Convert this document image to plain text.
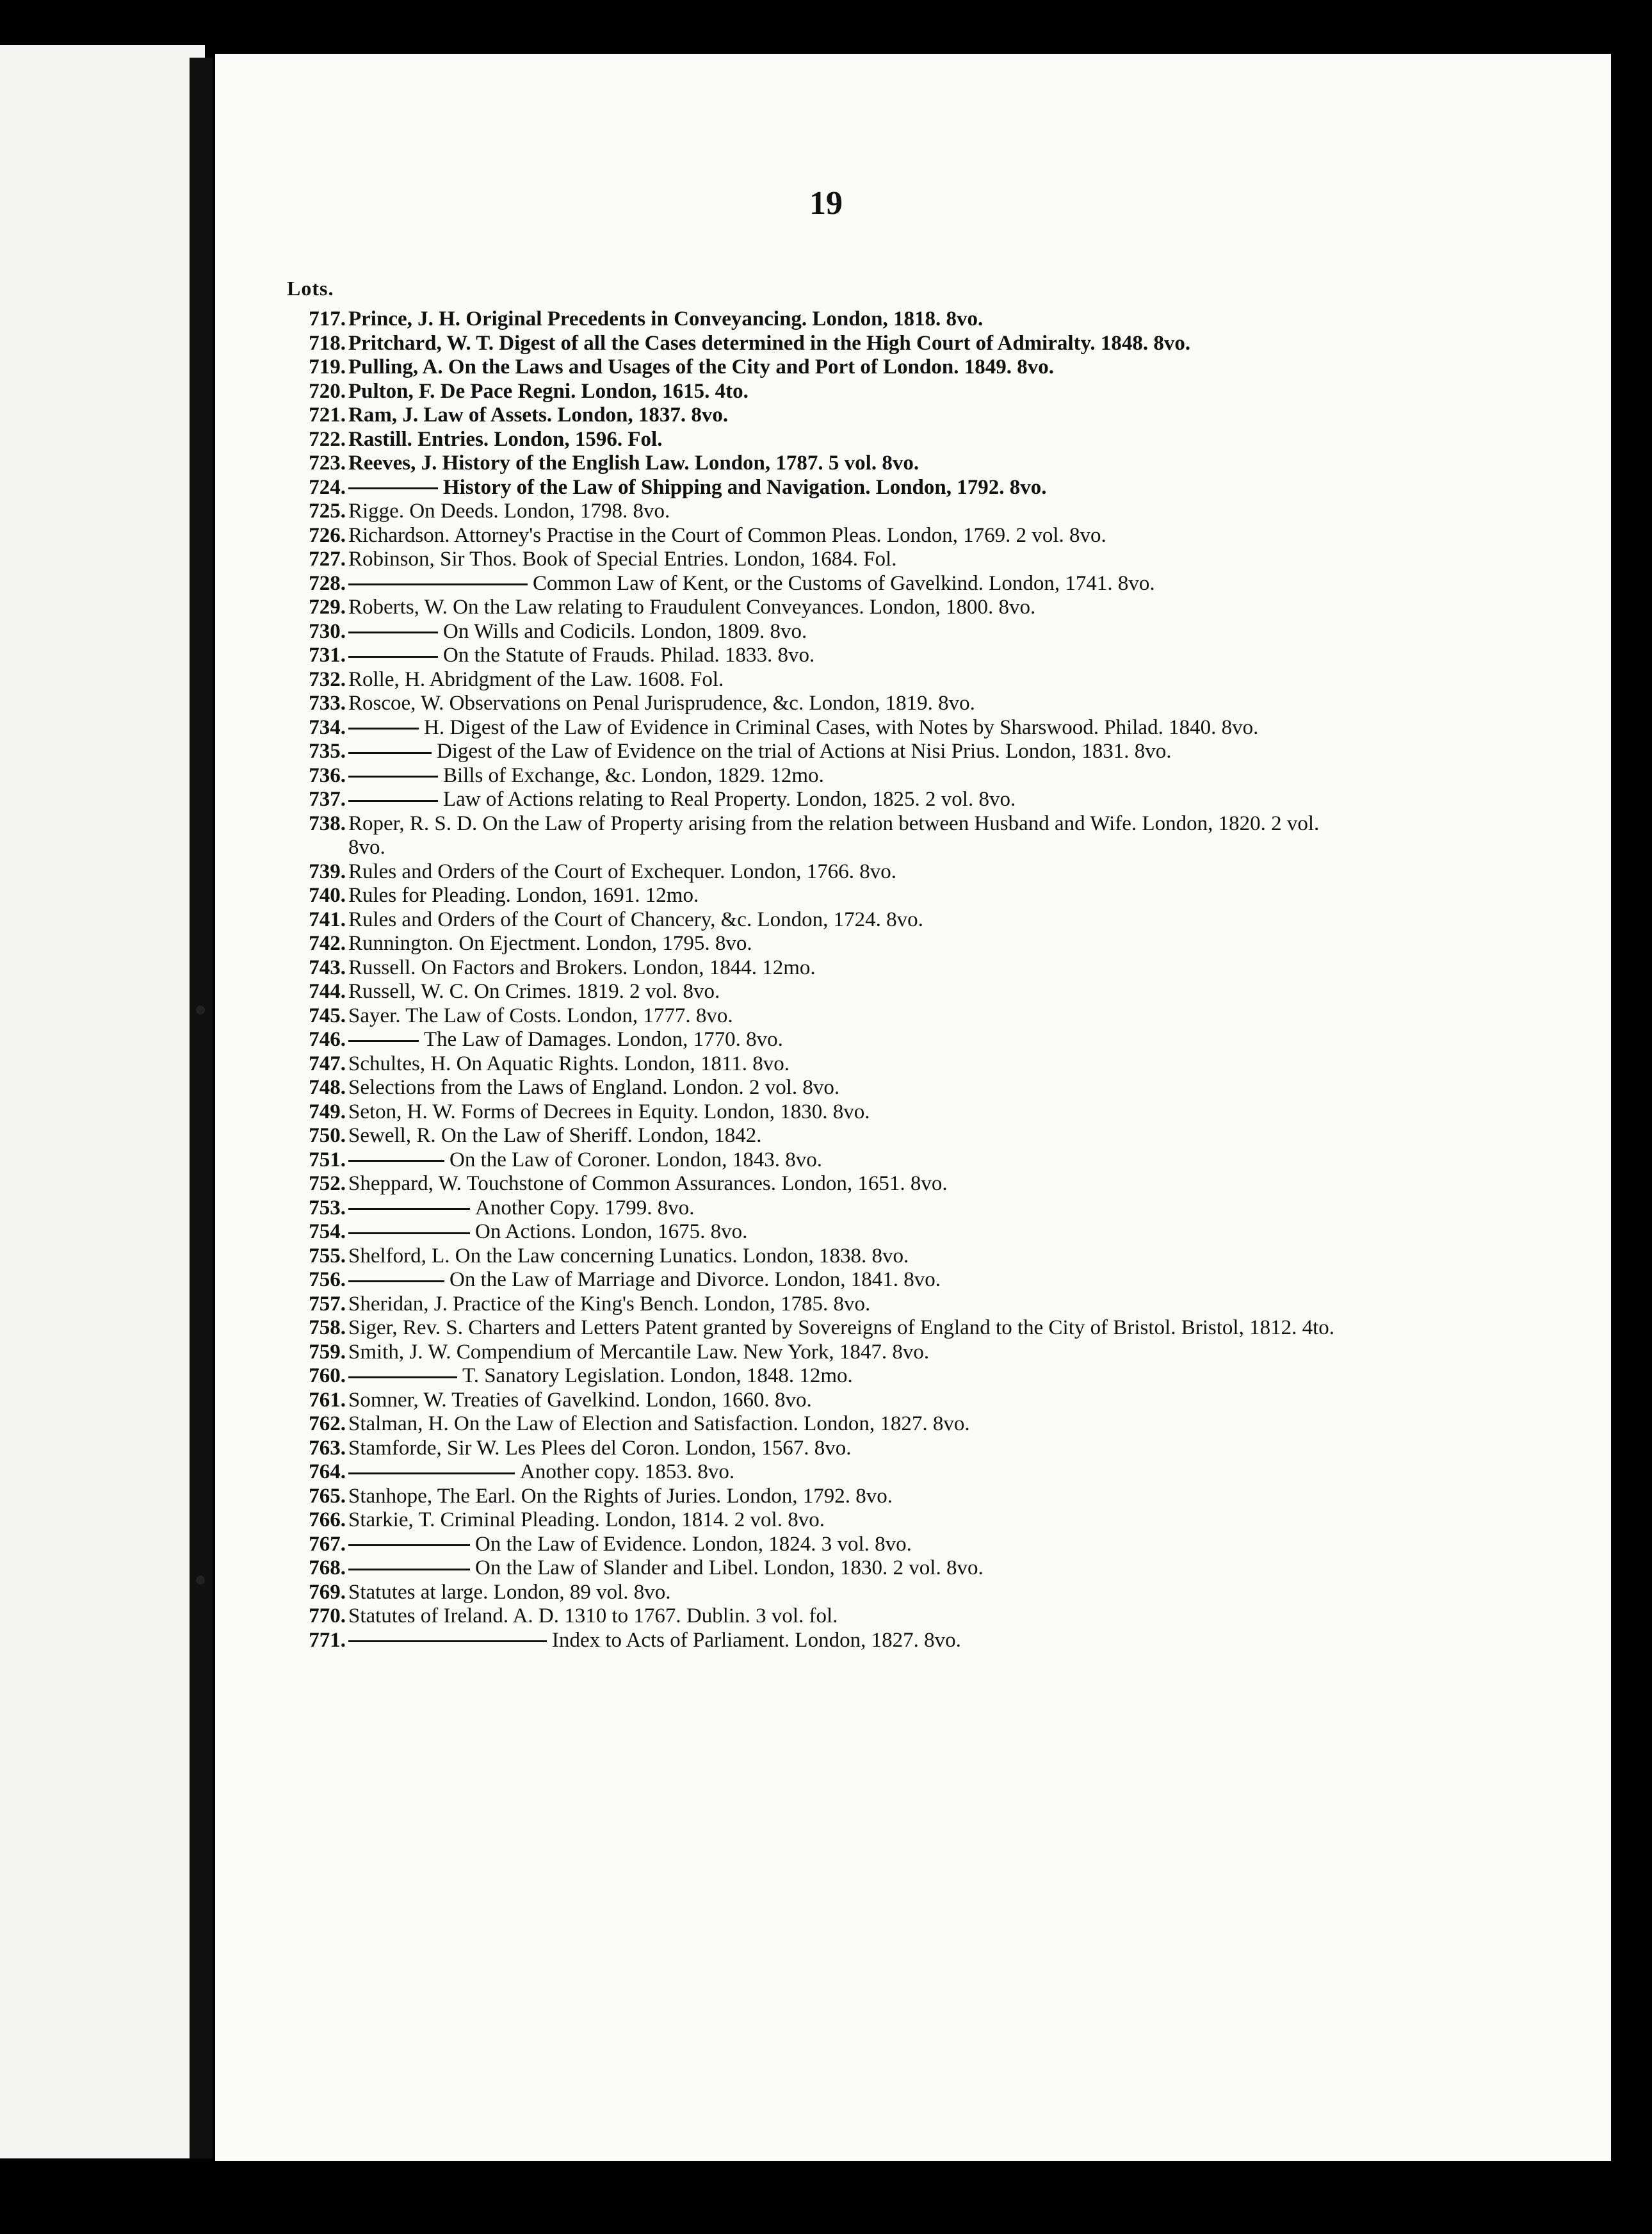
19
Lots.
717. Prince, J. H. Original Precedents in Conveyancing. London, 1818. 8vo.
718. Pritchard, W. T. Digest of all the Cases determined in the High Court of Admiralty. 1848. 8vo.
719. Pulling, A. On the Laws and Usages of the City and Port of London. 1849. 8vo.
720. Pulton, F. De Pace Regni. London, 1615. 4to.
721. Ram, J. Law of Assets. London, 1837. 8vo.
722. Rastill. Entries. London, 1596. Fol.
723. Reeves, J. History of the English Law. London, 1787. 5 vol. 8vo.
724.	History of the Law of Shipping and Navigation. London, 1792. 8vo.
725. Rigge. On Deeds. London, 1798. 8vo.
726. Richardson. Attorney's Practise in the Court of Common Pleas. London, 1769. 2 vol. 8vo.
727. Robinson, Sir Thos. Book of Special Entries. London, 1684. Fol.
728.	Common Law of Kent, or the Customs of Gavelkind. London, 1741. 8vo.
729. Roberts, W. On the Law relating to Fraudulent Conveyances. London, 1800. 8vo.
730.	On Wills and Codicils. London, 1809. 8vo.
731.	On the Statute of Frauds. Philad. 1833. 8vo.
732. Rolle, H. Abridgment of the Law. 1608. Fol.
733. Roscoe, W. Observations on Penal Jurisprudence, &c. London, 1819. 8vo.
734.	H. Digest of the Law of Evidence in Criminal Cases, with Notes by Sharswood. Philad. 1840. 8vo.
735.	Digest of the Law of Evidence on the trial of Actions at Nisi Prius. London, 1831. 8vo.
736.	Bills of Exchange, &c. London, 1829. 12mo.
737.	Law of Actions relating to Real Property. London, 1825. 2 vol. 8vo.
738. Roper, R. S. D. On the Law of Property arising from the relation between Husband and Wife. London, 1820. 2 vol. 8vo.
739. Rules and Orders of the Court of Exchequer. London, 1766. 8vo.
740. Rules for Pleading. London, 1691. 12mo.
741. Rules and Orders of the Court of Chancery, &c. London, 1724. 8vo.
742. Runnington. On Ejectment. London, 1795. 8vo.
743. Russell. On Factors and Brokers. London, 1844. 12mo.
744. Russell, W. C. On Crimes. 1819. 2 vol. 8vo.
745. Sayer. The Law of Costs. London, 1777. 8vo.
746.	The Law of Damages. London, 1770. 8vo.
747. Schultes, H. On Aquatic Rights. London, 1811. 8vo.
748. Selections from the Laws of England. London. 2 vol. 8vo.
749. Seton, H. W. Forms of Decrees in Equity. London, 1830. 8vo.
750. Sewell, R. On the Law of Sheriff. London, 1842.
751.	On the Law of Coroner. London, 1843. 8vo.
752. Sheppard, W. Touchstone of Common Assurances. London, 1651. 8vo.
753.	Another Copy. 1799. 8vo.
754.	On Actions. London, 1675. 8vo.
755. Shelford, L. On the Law concerning Lunatics. London, 1838. 8vo.
756.	On the Law of Marriage and Divorce. London, 1841. 8vo.
757. Sheridan, J. Practice of the King's Bench. London, 1785. 8vo.
758. Siger, Rev. S. Charters and Letters Patent granted by Sovereigns of England to the City of Bristol. Bristol, 1812. 4to.
759. Smith, J. W. Compendium of Mercantile Law. New York, 1847. 8vo.
760.	T. Sanatory Legislation. London, 1848. 12mo.
761. Somner, W. Treaties of Gavelkind. London, 1660. 8vo.
762. Stalman, H. On the Law of Election and Satisfaction. London, 1827. 8vo.
763. Stamforde, Sir W. Les Plees del Coron. London, 1567. 8vo.
764.	Another copy. 1853. 8vo.
765. Stanhope, The Earl. On the Rights of Juries. London, 1792. 8vo.
766. Starkie, T. Criminal Pleading. London, 1814. 2 vol. 8vo.
767.	On the Law of Evidence. London, 1824. 3 vol. 8vo.
768.	On the Law of Slander and Libel. London, 1830. 2 vol. 8vo.
769. Statutes at large. London, 89 vol. 8vo.
770. Statutes of Ireland. A. D. 1310 to 1767. Dublin. 3 vol. fol.
771.	Index to Acts of Parliament. London, 1827. 8vo.
